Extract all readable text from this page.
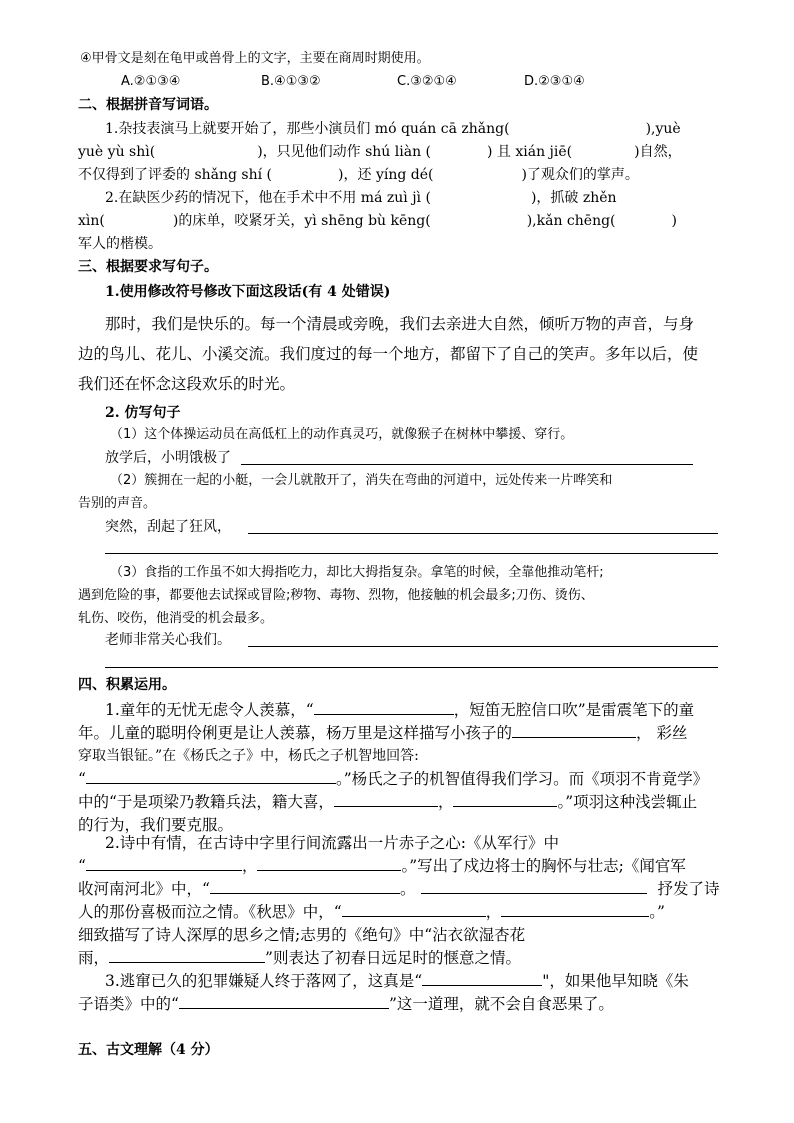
④甲骨文是刻在龟甲或兽骨上的文字，主要在商周时期使用。
A.②①③④	B.④①③②	C.③②①④	D.②③①④
二、根据拼音写词语。
1.杂技表演马上就要开始了，那些小演员们 mó quán cā zhǎng(	),yuè
yuè yù shì(	)，只见他们动作 shú liàn (	) 且 xián jiē(	)自然，
不仅得到了评委的 shǎng shí (	)，还 yíng dé(	)了观众们的掌声。
2.在缺医少药的情况下，他在手术中不用 má zuì jì (	)，抓破 zhěn
xìn(	)的床单，咬紧牙关，yì shēng bù kēng(	),kǎn chēng(	)
军人的楷模。
三、根据要求写句子。
1.使用修改符号修改下面这段话(有 4 处错误)
那时，我们是快乐的。每一个清晨或旁晚，我们去亲进大自然，倾听万物的声音，与身
边的鸟儿、花儿、小溪交流。我们度过的每一个地方，都留下了自己的笑声。多年以后，使
我们还在怀念这段欢乐的时光。
2. 仿写句子
（1）这个体操运动员在高低杠上的动作真灵巧，就像猴子在树林中攀援、穿行。
放学后，小明饿极了
（2）簇拥在一起的小艇，一会儿就散开了，消失在弯曲的河道中，远处传来一片哗笑和
告别的声音。
突然，刮起了狂风，
（3）食指的工作虽不如大拇指吃力，却比大拇指复杂。拿笔的时候，全靠他推动笔杆;
遇到危险的事，都要他去试探或冒险;秽物、毒物、烈物，他接触的机会最多;刀伤、烫伤、
轧伤、咬伤，他消受的机会最多。
老师非常关心我们。
四、积累运用。
1.童年的无忧无虑令人羡慕，“	，短笛无腔信口吹”是雷震笔下的童
年。儿童的聪明伶俐更是让人羡慕，杨万里是这样描写小孩子的	， 彩丝
穿取当银钲。”在《杨氏之子》中，杨氏之子机智地回答:
“	。”杨氏之子的机智值得我们学习。而《项羽不肯竟学》
中的“于是项梁乃教籍兵法，籍大喜，	，	。”项羽这种浅尝辄止
的行为，我们要克服。
2.诗中有情，在古诗中字里行间流露出一片赤子之心:《从军行》中
“	，	。”写出了戍边将士的胸怀与壮志;《闻官军
收河南河北》中，“	。	抒发了诗
人的那份喜极而泣之情。《秋思》中，“	，	。”
细致描写了诗人深厚的思乡之情;志男的《绝句》中“沾衣欲湿杏花
雨，	”则表达了初春日远足时的惬意之情。
3.逃窜已久的犯罪嫌疑人终于落网了，这真是“	"，如果他早知晓《朱
子语类》中的“	”这一道理，就不会自食恶果了。
五、古文理解（4 分）
